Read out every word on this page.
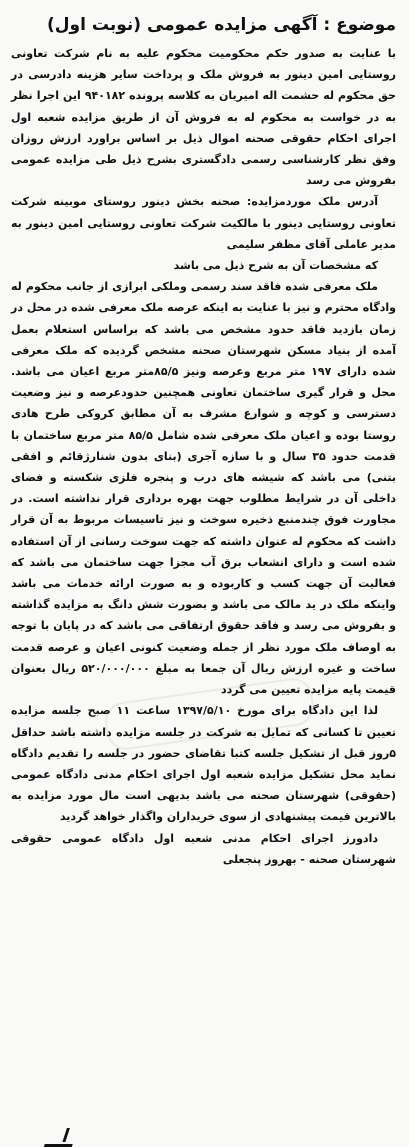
موضوع : آگهی مزایده عمومی (نوبت اول)

با عنایت به صدور حکم محکومیت محکوم علیه به نام شرکت تعاونی روستایی امین دینور به فروش ملک و پرداخت سایر هزینه دادرسی در حق محکوم له حشمت اله امیریان به کلاسه پرونده ۹۴۰۱۸۲ این اجرا نظر به در خواست به محکوم له به فروش آن از طریق مزایده شعبه اول اجرای احکام حقوقی صحنه اموال ذیل بر اساس براورد ارزش روزان وفق نظر کارشناسی رسمی دادگستری بشرح ذیل طی مزایده عمومی بفروش می رسد

آدرس ملک موردمزایده: صحنه بخش دینور روستای موبینه شرکت تعاونی روستایی دینور با مالکیت شرکت تعاونی روستایی امین دینور به مدیر عاملی آقای مظفر سلیمی

که مشخصات آن به شرح ذیل می باشد

ملک معرفی شده فاقد سند رسمی وملکی ابرازی از جانب محکوم له وادگاه محترم و نیز با عنایت به اینکه عرصه ملک معرفی شده در محل در زمان بازدید فاقد حدود مشخص می باشد که براساس استعلام بعمل آمده از بنیاد مسکن شهرستان صحنه مشخص گردیده که ملک معرفی شده دارای ۱۹۷ متر مربع وعرصه ونیز ۸۵/۵متر مربع اعیان می باشد. محل و قرار گیری ساختمان تعاونی همچنین حدودعرصه و نیز وضعیت دسترسی و کوچه و شوارع مشرف به آن مطابق کروکی طرح هادی روستا بوده و اعیان ملک معرفی شده شامل ۸۵/۵ متر مربع ساختمان با قدمت حدود ۳۵ سال و با سازه آجری (بنای بدون شنارژقائم و افقی بتنی) می باشد که شیشه های درب و پنجره فلزی شکسته و فضای داخلی آن در شرایط مطلوب جهت بهره برداری قرار نداشته است. در مجاورت فوق چندمنبع ذخیره سوخت و نیز تاسیسات مربوط به آن قرار داشت که محکوم له عنوان داشته که جهت سوخت رسانی از آن استفاده شده است و دارای انشعاب برق آب مجزا جهت ساختمان می باشد که فعالیت آن جهت کسب و کاربوده و به صورت ارائه خدمات می باشد واینکه ملک در ید مالک می باشد و بصورت شش دانگ به مزایده گذاشته و بفروش می رسد و فاقد حقوق ارتفاقی می باشد که در پایان با توجه به اوصاف ملک مورد نظر از جمله وضعیت کنونی اعیان و عرصه قدمت ساخت و غیره ارزش ریال آن جمعا به مبلغ ۵۲۰/۰۰۰/۰۰۰ ریال بعنوان قیمت پایه مزایده تعیین می گردد

لذا این دادگاه برای مورخ ۱۳۹۷/۵/۱۰ ساعت ۱۱ صبح جلسه مزایده تعیین تا کسانی که تمایل به شرکت در جلسه مزایده داشته باشد حداقل ۵روز قبل از تشکیل جلسه کتبا تقاضای حضور در جلسه را تقدیم دادگاه نماید محل تشکیل مزایده شعبه اول اجرای احکام مدنی دادگاه عمومی (حقوقی) شهرستان صحنه می باشد بدیهی است مال مورد مزایده به بالاترین قیمت پیشنهادی از سوی خریداران واگذار خواهد گردید

دادورز اجرای احکام مدنی شعبه اول دادگاه عمومی حقوقی شهرستان صحنه - بهروز پنجعلی
